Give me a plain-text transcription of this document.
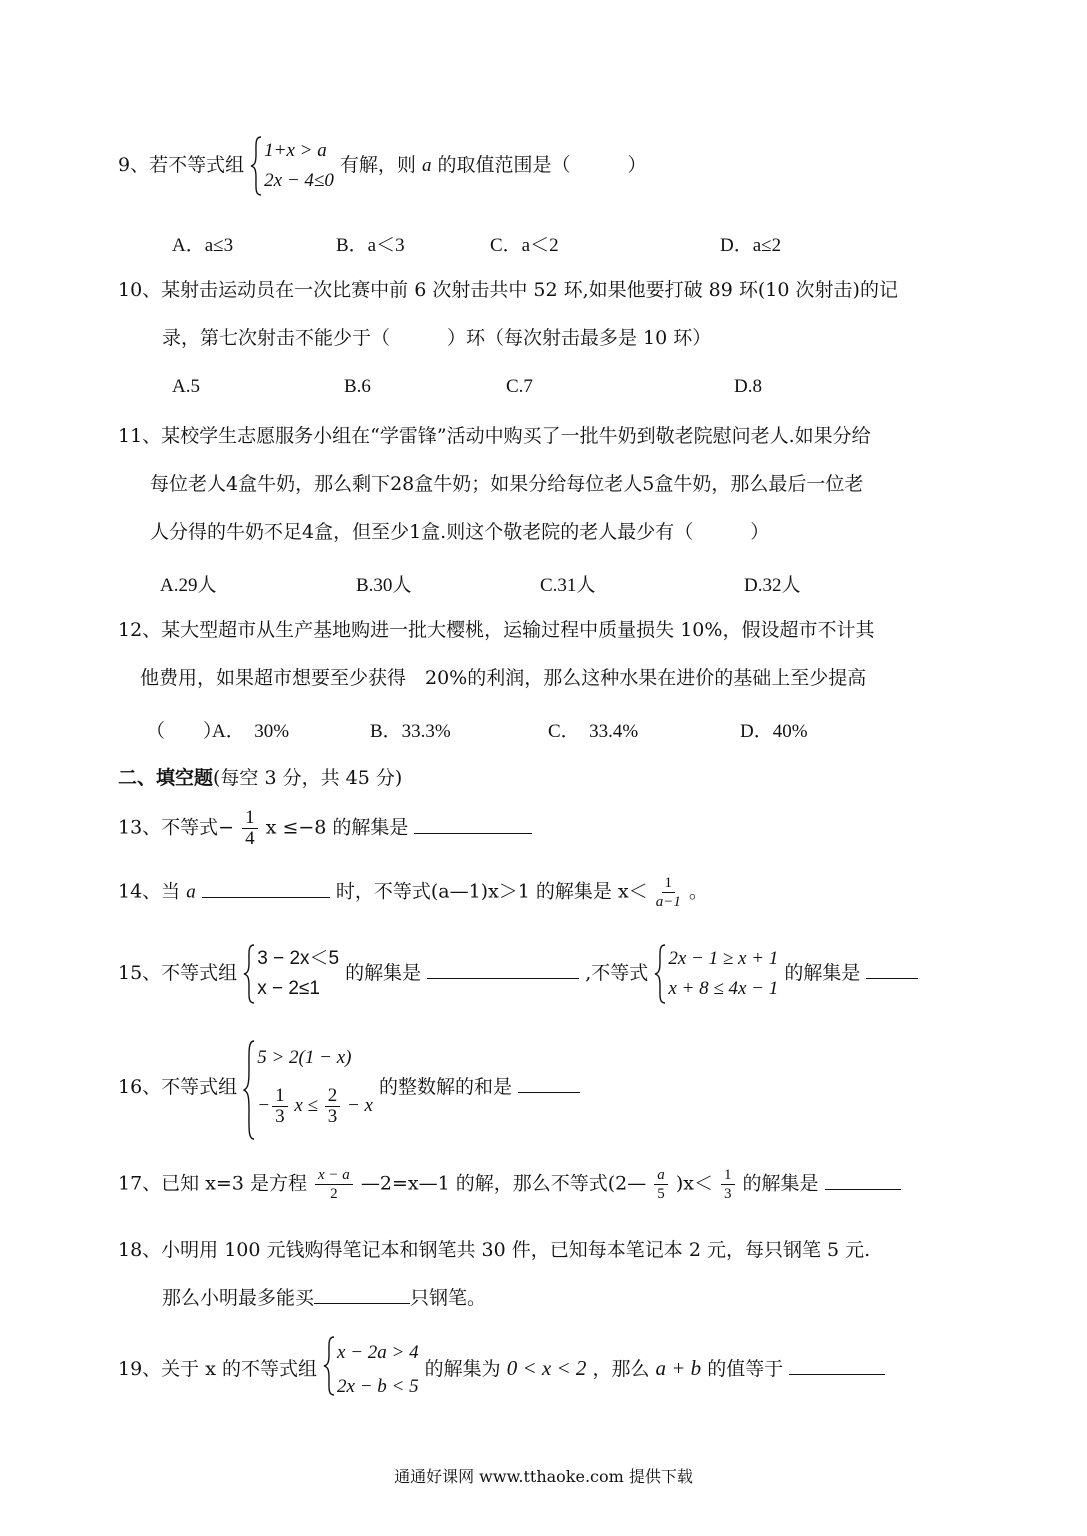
9、若不等式组
1+x > a
2x − 4≤0
有解，则 a 的取值范围是（　　　）
A．a≤3	B．a＜3	C．a＜2	D．a≤2
10、某射击运动员在一次比赛中前 6 次射击共中 52 环,如果他要打破 89 环(10 次射击)的记
录，第七次射击不能少于（　　　）环（每次射击最多是 10 环）
A.5	B.6	C.7	D.8
11、某校学生志愿服务小组在“学雷锋”活动中购买了一批牛奶到敬老院慰问老人.如果分给
每位老人4盒牛奶，那么剩下28盒牛奶；如果分给每位老人5盒牛奶，那么最后一位老
人分得的牛奶不足4盒，但至少1盒.则这个敬老院的老人最少有（　　　）
A.29人	B.30人	C.31人	D.32人
12、某大型超市从生产基地购进一批大樱桃，运输过程中质量损失 10%，假设超市不计其
他费用，如果超市想要至少获得　20%的利润，那么这种水果在进价的基础上至少提高
（　　）
A．　30%	B．33.3%	C．　33.4%	D．40%
二、填空题(每空 3 分，共 45 分)
13、不等式− $\frac{1}{4}$ x ≤−8 的解集是
14、当 a	时，不等式(a—1)x＞1 的解集是 $x< \frac{1}{a-1}$ 。
15、不等式组
3 − 2x＜5
x − 2≤1
的解集是	,不等式
2x − 1 ≥ x + 1
x + 8 ≤ 4x − 1
的解集是
16、不等式组
5 > 2(1 − x)
− $\frac{1}{3}$ $x \le \frac{2}{3} - x$
的整数解的和是
17、已知 x=3 是方程 $\frac{x - a}{2}$ —2=x—1 的解，那么不等式(2— $\frac{a}{5} )x< \frac{1}{3}$ 的解集是
18、小明用 100 元钱购得笔记本和钢笔共 30 件，已知每本笔记本 2 元，每只钢笔 5 元.
那么小明最多能买	只钢笔。
19、关于 x 的不等式组
x − 2a > 4
2x − b < 5
的解集为 0 < x < 2 ，那么 a + b 的值等于
通通好课网 www.tthaoke.com 提供下载
